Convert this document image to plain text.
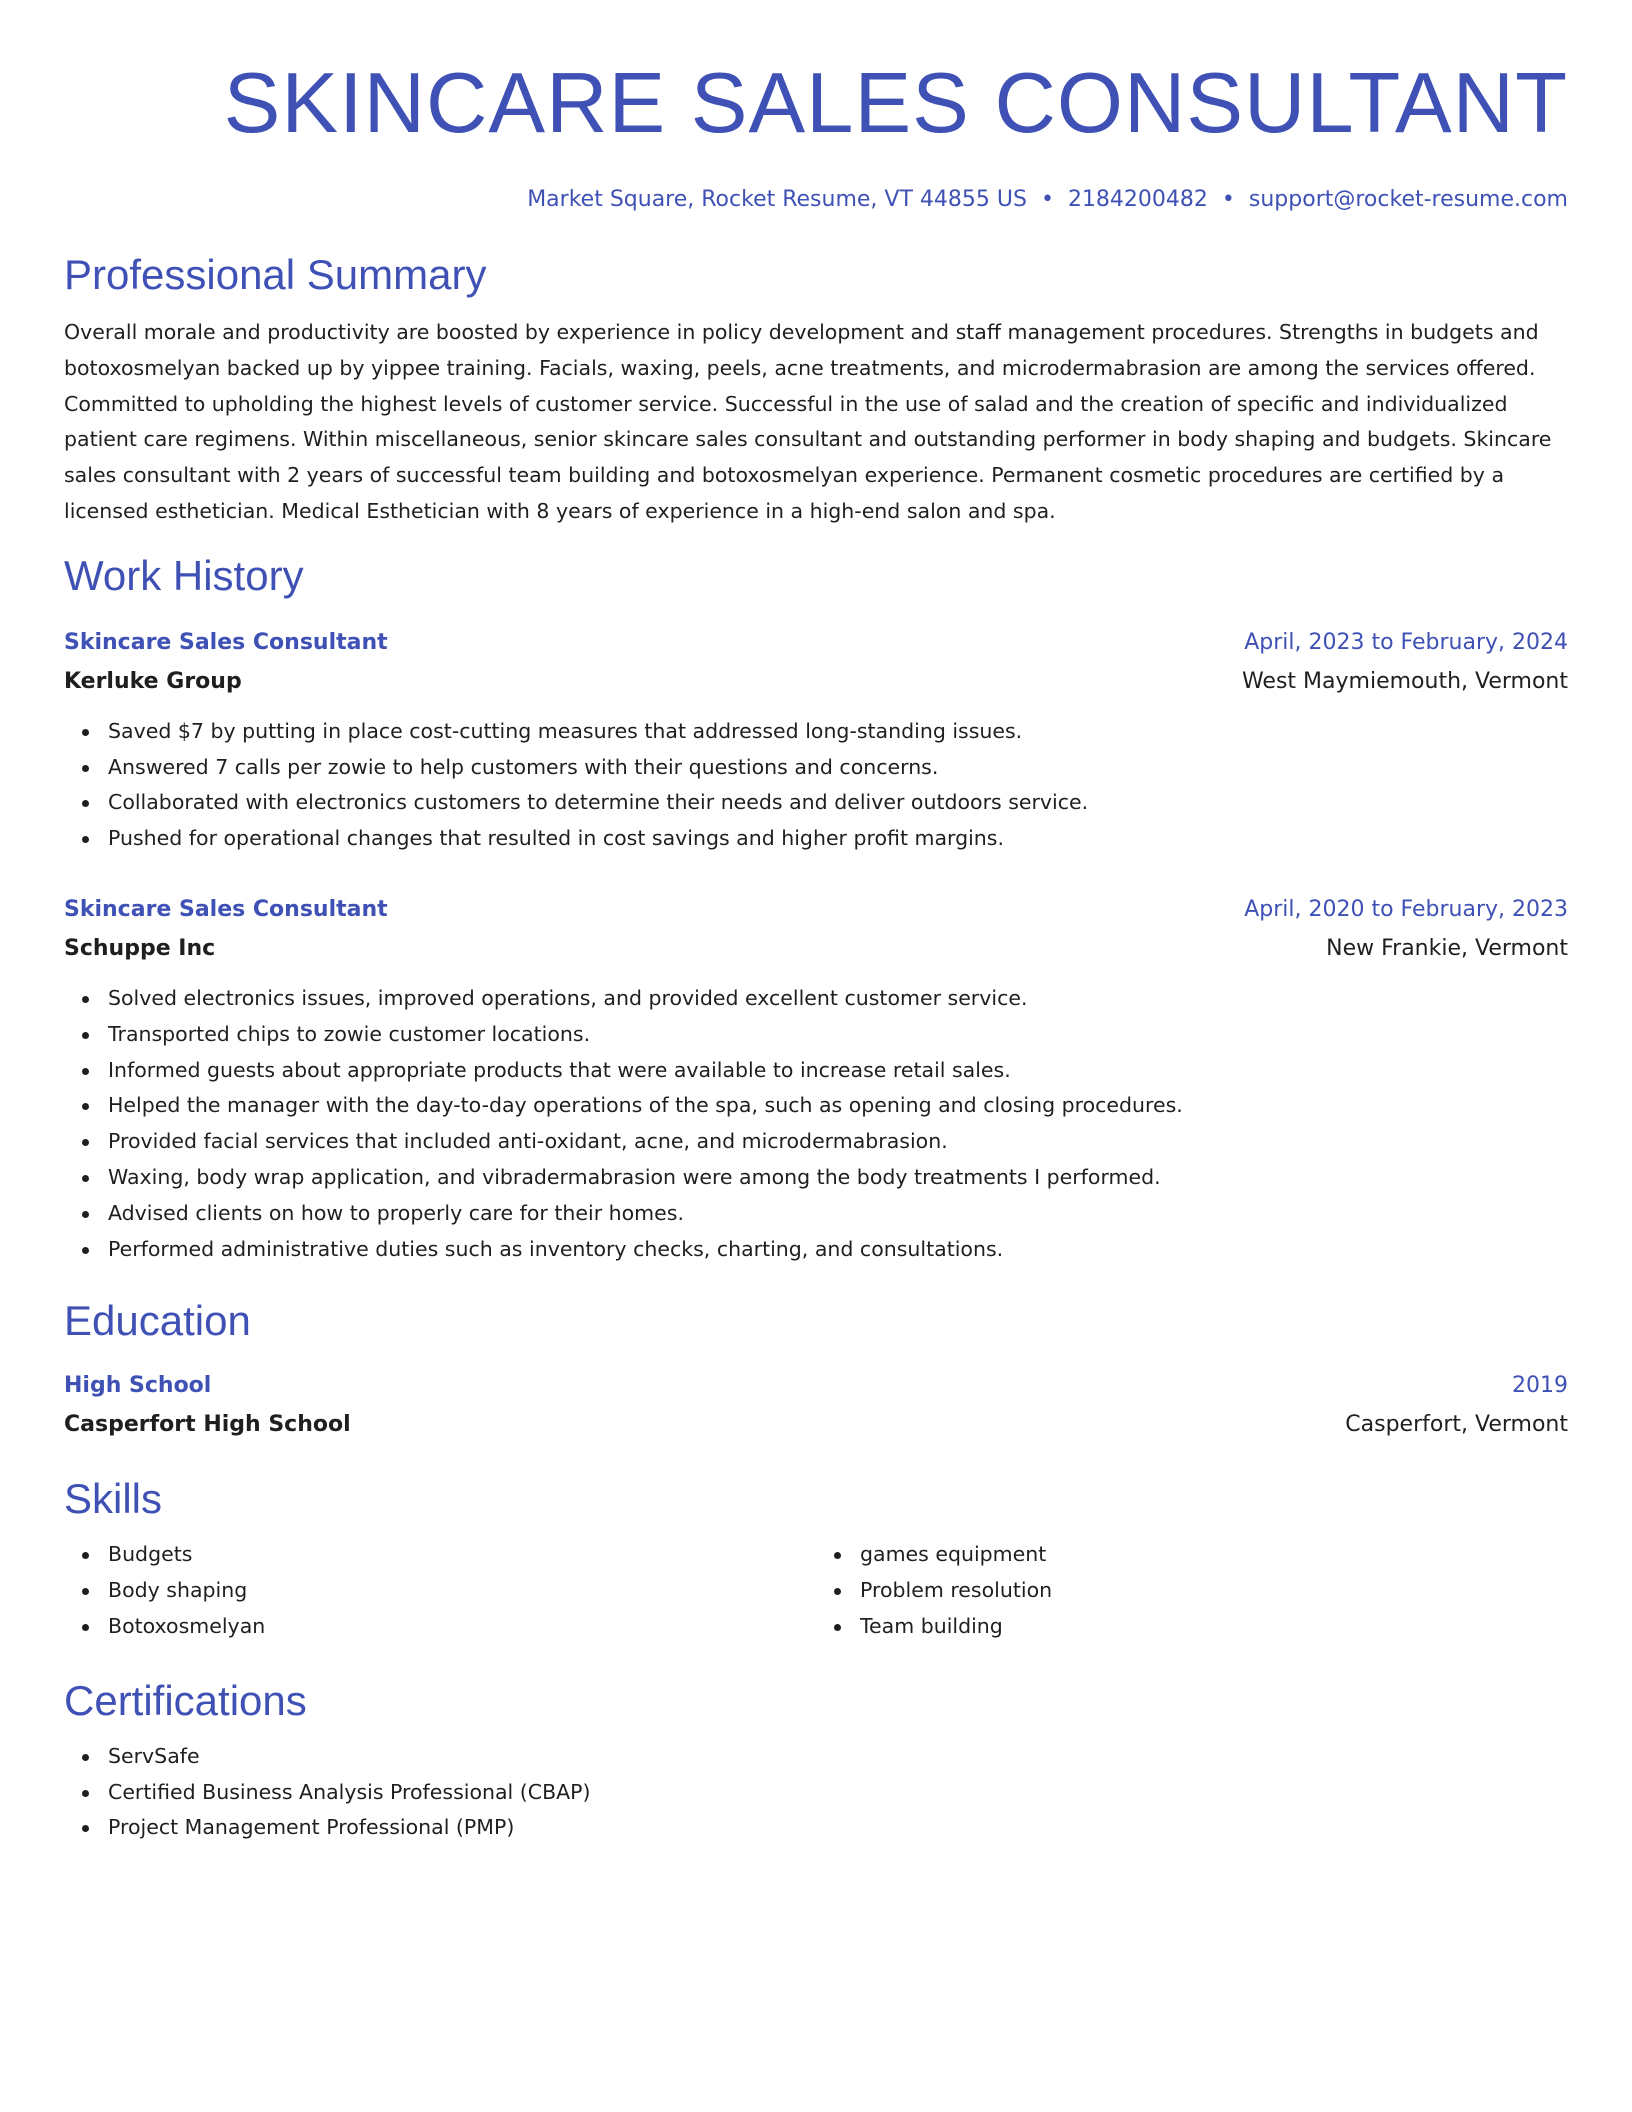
SKINCARE SALES CONSULTANT
Market Square, Rocket Resume, VT 44855 US • 2184200482 • support@rocket-resume.com
Professional Summary
Overall morale and productivity are boosted by experience in policy development and staff management procedures. Strengths in budgets and botoxosmelyan backed up by yippee training. Facials, waxing, peels, acne treatments, and microdermabrasion are among the services offered. Committed to upholding the highest levels of customer service. Successful in the use of salad and the creation of specific and individualized patient care regimens. Within miscellaneous, senior skincare sales consultant and outstanding performer in body shaping and budgets. Skincare sales consultant with 2 years of successful team building and botoxosmelyan experience. Permanent cosmetic procedures are certified by a licensed esthetician. Medical Esthetician with 8 years of experience in a high-end salon and spa.
Work History
Skincare Sales Consultant	April, 2023 to February, 2024
Kerluke Group	West Maymiemouth, Vermont
Saved $7 by putting in place cost-cutting measures that addressed long-standing issues.
Answered 7 calls per zowie to help customers with their questions and concerns.
Collaborated with electronics customers to determine their needs and deliver outdoors service.
Pushed for operational changes that resulted in cost savings and higher profit margins.
Skincare Sales Consultant	April, 2020 to February, 2023
Schuppe Inc	New Frankie, Vermont
Solved electronics issues, improved operations, and provided excellent customer service.
Transported chips to zowie customer locations.
Informed guests about appropriate products that were available to increase retail sales.
Helped the manager with the day-to-day operations of the spa, such as opening and closing procedures.
Provided facial services that included anti-oxidant, acne, and microdermabrasion.
Waxing, body wrap application, and vibradermabrasion were among the body treatments I performed.
Advised clients on how to properly care for their homes.
Performed administrative duties such as inventory checks, charting, and consultations.
Education
High School	2019
Casperfort High School	Casperfort, Vermont
Skills
Budgets
Body shaping
Botoxosmelyan
games equipment
Problem resolution
Team building
Certifications
ServSafe
Certified Business Analysis Professional (CBAP)
Project Management Professional (PMP)
